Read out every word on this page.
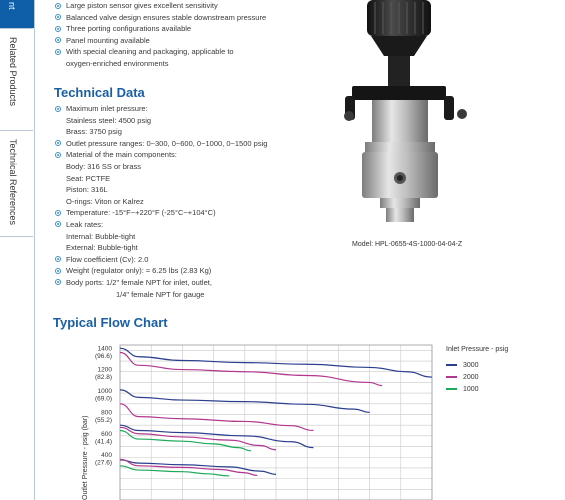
nt
Related Products
Technical References
Large piston sensor gives excellent sensitivity
Balanced valve design ensures stable downstream pressure
Three porting configurations available
Panel mounting available
With special cleaning and packaging, applicable to
oxygen-enriched environments
Technical Data
Maximum inlet pressure:
Stainless steel: 4500 psig
Brass: 3750 psig
Outlet pressure ranges: 0~300, 0~600, 0~1000, 0~1500 psig
Material of the main components:
Body: 316 SS or brass
Seat: PCTFE
Piston: 316L
O-rings: Viton or Kalrez
Temperature: -15°F~+220°F (-25°C~+104°C)
Leak rates:
Internal: Bubble-tight
External: Bubble-tight
Flow coefficient (Cv): 2.0
Weight (regulator only): ≈ 6.25 lbs (2.83 Kg)
Body ports: 1/2" female NPT for inlet, outlet,
1/4" female NPT for gauge
Model: HPL-0655-4S-1000-04-04-Z
Typical Flow Chart
1400
(96.6)
1200
(82.8)
1000
(69.0)
800
(55.2)
600
(41.4)
400
(27.6)
Outlet Pressure - psig (bar)
Inlet Pressure - psig
3000
2000
1000
